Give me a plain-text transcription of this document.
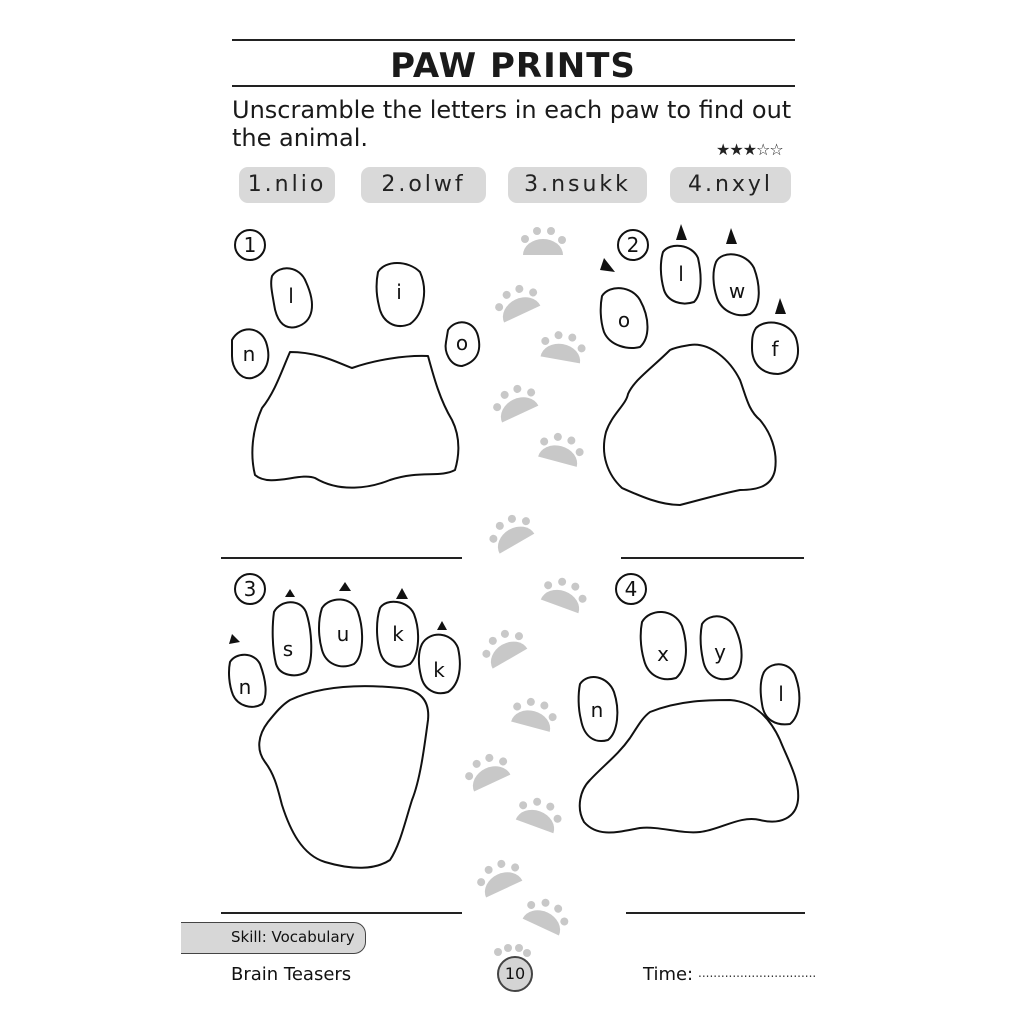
PAW PRINTS
Unscramble the letters in each paw to find out the animal.	★★★☆☆
1.nlio	2.olwf	3.nsukk	4.nxyl
1	2
3	4
n
l	i
o
o
l
w
f
n
s
u k
k
n
x y
l
Skill: Vocabulary
Brain Teasers	10	Time: ...............................
